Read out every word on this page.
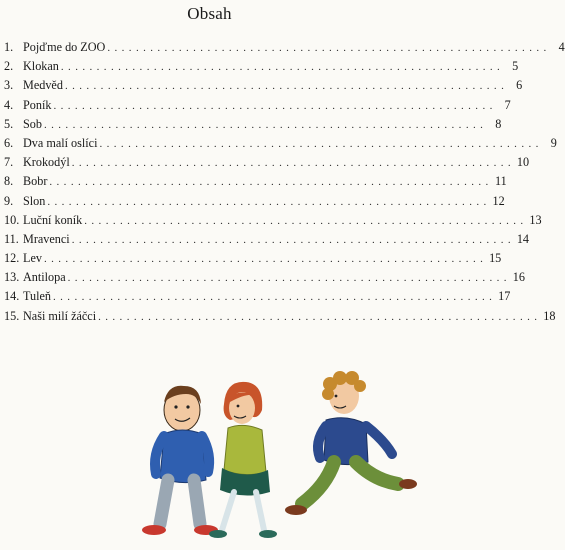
Obsah
1. Pojďme do ZOO .............................................................. 4
2. Klokan .............................................................. 5
3. Medvěd .............................................................. 6
4. Poník .............................................................. 7
5. Sob .............................................................. 8
6. Dva malí oslíci .............................................................. 9
7. Krokodýl .............................................................. 10
8. Bobr .............................................................. 11
9. Slon .............................................................. 12
10. Luční koník .............................................................. 13
11. Mravenci .............................................................. 14
12. Lev .............................................................. 15
13. Antilopa .............................................................. 16
14. Tuleň .............................................................. 17
15. Naši milí žáčci .............................................................. 18
